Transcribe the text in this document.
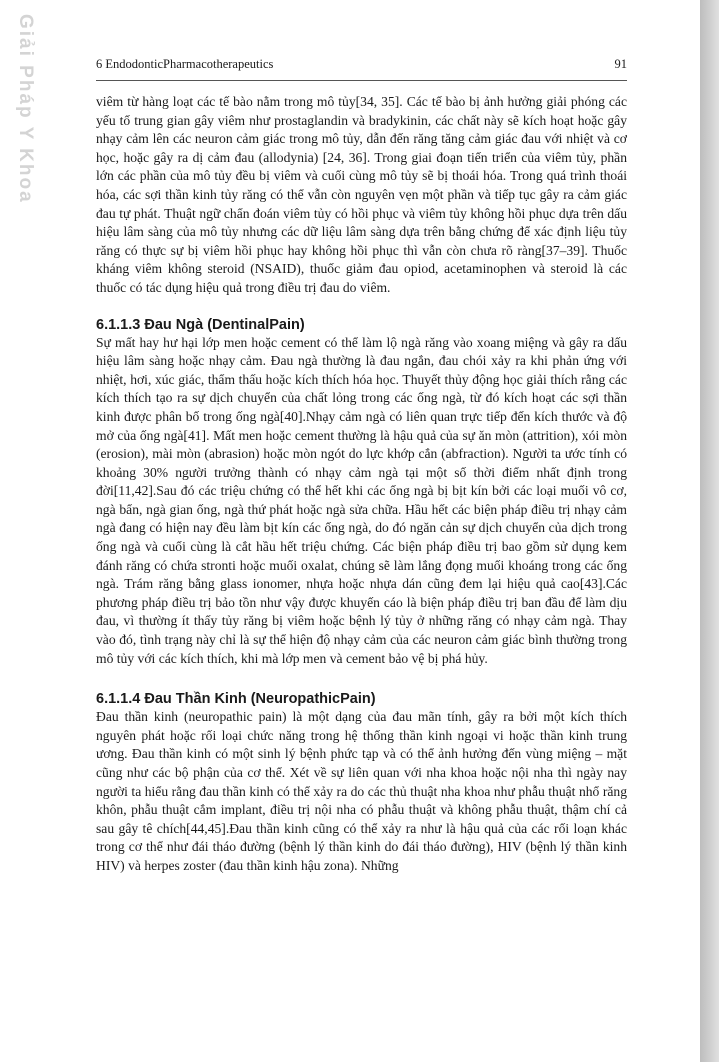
Giải Pháp Y Khoa	6 EndodonticPharmacotherapeutics	91

viêm từ hàng loạt các tế bào nằm trong mô tủy[34, 35]. Các tế bào bị ảnh hưởng giải phóng các yếu tố trung gian gây viêm như prostaglandin và bradykinin, các chất này sẽ kích hoạt hoặc gây nhạy cảm lên các neuron cảm giác trong mô tủy, dẫn đến răng tăng cảm giác đau với nhiệt và cơ học, hoặc gây ra dị cảm đau (allodynia) [24, 36]. Trong giai đoạn tiến triển của viêm tủy, phần lớn các phần của mô tủy đều bị viêm và cuối cùng mô tủy sẽ bị thoái hóa. Trong quá trình thoái hóa, các sợi thần kinh tủy răng có thể vẫn còn nguyên vẹn một phần và tiếp tục gây ra cảm giác đau tự phát. Thuật ngữ chẩn đoán viêm tủy có hồi phục và viêm tủy không hồi phục dựa trên dấu hiệu lâm sàng của mô tủy nhưng các dữ liệu lâm sàng dựa trên bằng chứng để xác định liệu tủy răng có thực sự bị viêm hồi phục hay không hồi phục thì vẫn còn chưa rõ ràng[37–39]. Thuốc kháng viêm không steroid (NSAID), thuốc giảm đau opiod, acetaminophen và steroid là các thuốc có tác dụng hiệu quả trong điều trị đau do viêm.

6.1.1.3 Đau Ngà (DentinalPain)

Sự mất hay hư hại lớp men hoặc cement có thể làm lộ ngà răng vào xoang miệng và gây ra dấu hiệu lâm sàng hoặc nhạy cảm. Đau ngà thường là đau ngắn, đau chói xảy ra khi phản ứng với nhiệt, hơi, xúc giác, thẩm thấu hoặc kích thích hóa học. Thuyết thủy động học giải thích rằng các kích thích tạo ra sự dịch chuyển của chất lỏng trong các ống ngà, từ đó kích hoạt các sợi thần kinh được phân bố trong ống ngà[40].Nhạy cảm ngà có liên quan trực tiếp đến kích thước và độ mở của ống ngà[41]. Mất men hoặc cement thường là hậu quả của sự ăn mòn (attrition), xói mòn (erosion), mài mòn (abrasion) hoặc mòn ngót do lực khớp cắn (abfraction). Người ta ước tính có khoảng 30% người trưởng thành có nhạy cảm ngà tại một số thời điểm nhất định trong đời[11,42].Sau đó các triệu chứng có thể hết khi các ống ngà bị bịt kín bởi các loại muối vô cơ, ngà bẩn, ngà gian ống, ngà thứ phát hoặc ngà sửa chữa. Hầu hết các biện pháp điều trị nhạy cảm ngà đang có hiện nay đều làm bịt kín các ống ngà, do đó ngăn cản sự dịch chuyển của dịch trong ống ngà và cuối cùng là cắt hầu hết triệu chứng. Các biện pháp điều trị bao gồm sử dụng kem đánh răng có chứa stronti hoặc muối oxalat, chúng sẽ làm lắng đọng muối khoáng trong các ống ngà. Trám răng bằng glass ionomer, nhựa hoặc nhựa dán cũng đem lại hiệu quả cao[43].Các phương pháp điều trị bảo tồn như vậy được khuyến cáo là biện pháp điều trị ban đầu để làm dịu đau, vì thường ít thấy tủy răng bị viêm hoặc bệnh lý tủy ở những răng có nhạy cảm ngà. Thay vào đó, tình trạng này chỉ là sự thể hiện độ nhạy cảm của các neuron cảm giác bình thường trong mô tủy với các kích thích, khi mà lớp men và cement bảo vệ bị phá hủy.

6.1.1.4 Đau Thần Kinh (NeuropathicPain)

Đau thần kinh (neuropathic pain) là một dạng của đau mãn tính, gây ra bởi một kích thích nguyên phát hoặc rối loại chức năng trong hệ thống thần kinh ngoại vi hoặc thần kinh trung ương. Đau thần kinh có một sinh lý bệnh phức tạp và có thể ảnh hưởng đến vùng miệng – mặt cũng như các bộ phận của cơ thể. Xét về sự liên quan với nha khoa hoặc nội nha thì ngày nay người ta hiểu rằng đau thần kinh có thể xảy ra do các thủ thuật nha khoa như phẫu thuật nhổ răng khôn, phẫu thuật cắm implant, điều trị nội nha có phẫu thuật và không phẫu thuật, thậm chí cả sau gây tê chích[44,45].Đau thần kinh cũng có thể xảy ra như là hậu quả của các rối loạn khác trong cơ thể như đái tháo đường (bệnh lý thần kinh do đái tháo đường), HIV (bệnh lý thần kinh HIV) và herpes zoster (đau thần kinh hậu zona). Những
